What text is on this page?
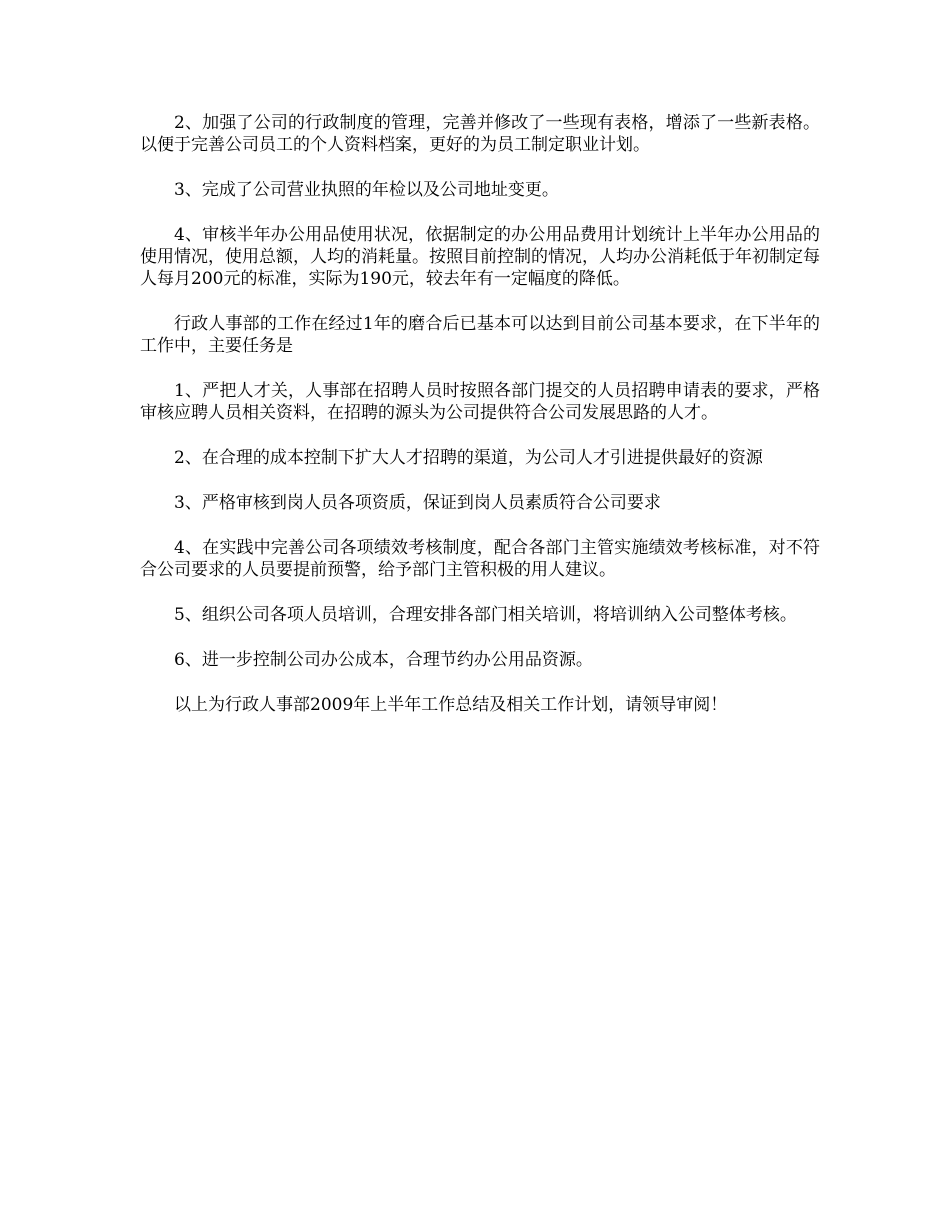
2、加强了公司的行政制度的管理，完善并修改了一些现有表格，增添了一些新表格。以便于完善公司员工的个人资料档案，更好的为员工制定职业计划。

3、完成了公司营业执照的年检以及公司地址变更。

4、审核半年办公用品使用状况，依据制定的办公用品费用计划统计上半年办公用品的使用情况，使用总额，人均的消耗量。按照目前控制的情况，人均办公消耗低于年初制定每人每月200元的标准，实际为190元，较去年有一定幅度的降低。

行政人事部的工作在经过1年的磨合后已基本可以达到目前公司基本要求，在下半年的工作中，主要任务是

1、严把人才关，人事部在招聘人员时按照各部门提交的人员招聘申请表的要求，严格审核应聘人员相关资料，在招聘的源头为公司提供符合公司发展思路的人才。

2、在合理的成本控制下扩大人才招聘的渠道，为公司人才引进提供最好的资源

3、严格审核到岗人员各项资质，保证到岗人员素质符合公司要求

4、在实践中完善公司各项绩效考核制度，配合各部门主管实施绩效考核标准，对不符合公司要求的人员要提前预警，给予部门主管积极的用人建议。

5、组织公司各项人员培训，合理安排各部门相关培训，将培训纳入公司整体考核。

6、进一步控制公司办公成本，合理节约办公用品资源。

以上为行政人事部2009年上半年工作总结及相关工作计划，请领导审阅！
